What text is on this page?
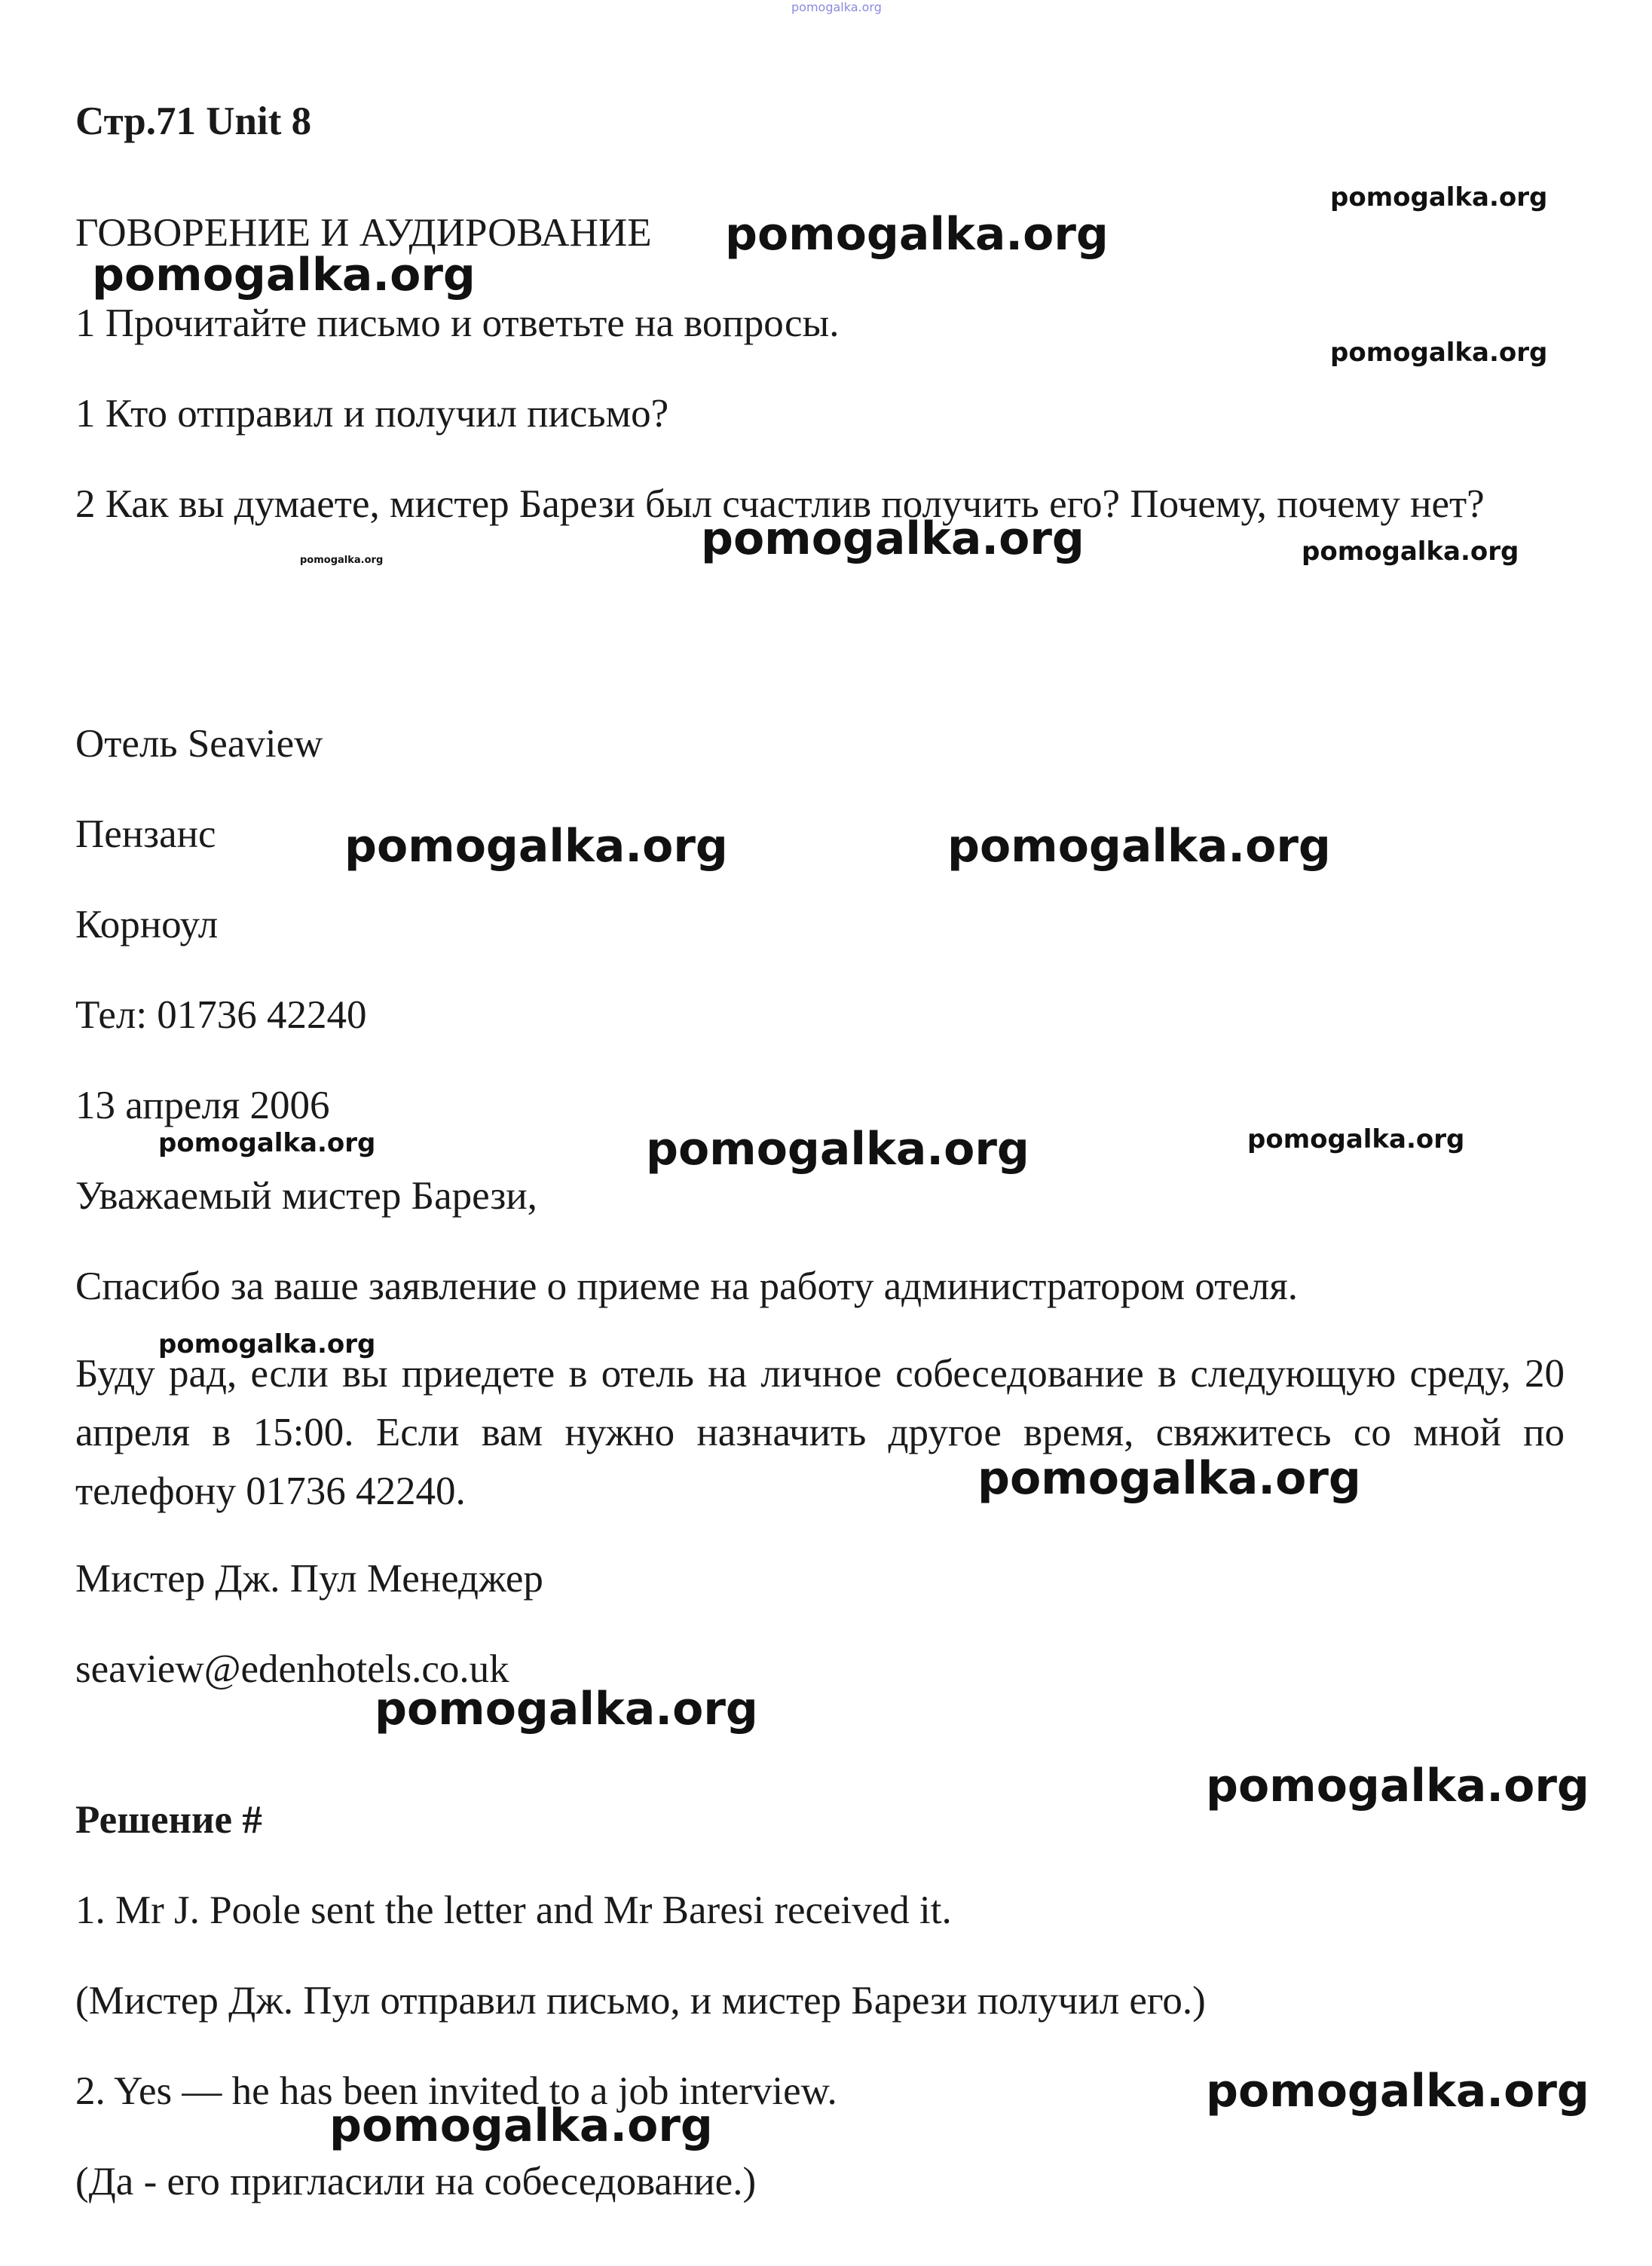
pomogalka.org
Стр.71 Unit 8
ГОВОРЕНИЕ И АУДИРОВАНИЕ
1 Прочитайте письмо и ответьте на вопросы.
1 Кто отправил и получил письмо?
2 Как вы думаете, мистер Барези был счастлив получить его? Почему, почему нет?
Отель Seaview
Пензанс
Корноул
Тел: 01736 42240
13 апреля 2006
Уважаемый мистер Барези,
Спасибо за ваше заявление о приеме на работу администратором отеля.
Буду рад, если вы приедете в отель на личное собеседование в следующую среду, 20 апреля в 15:00. Если вам нужно назначить другое время, свяжитесь со мной по телефону 01736 42240.
Мистер Дж. Пул Менеджер
seaview@edenhotels.co.uk
Решение #
1. Mr J. Poole sent the letter and Mr Baresi received it.
(Мистер Дж. Пул отправил письмо, и мистер Барези получил его.)
2. Yes — he has been invited to a job interview.
(Да - его пригласили на собеседование.)
pomogalka.org
pomogalka.org
pomogalka.org
pomogalka.org
pomogalka.org	pomogalka.org
pomogalka.org
pomogalka.org	pomogalka.org
pomogalka.org	pomogalka.org	pomogalka.org
pomogalka.org
pomogalka.org
pomogalka.org
pomogalka.org
pomogalka.org
pomogalka.org
